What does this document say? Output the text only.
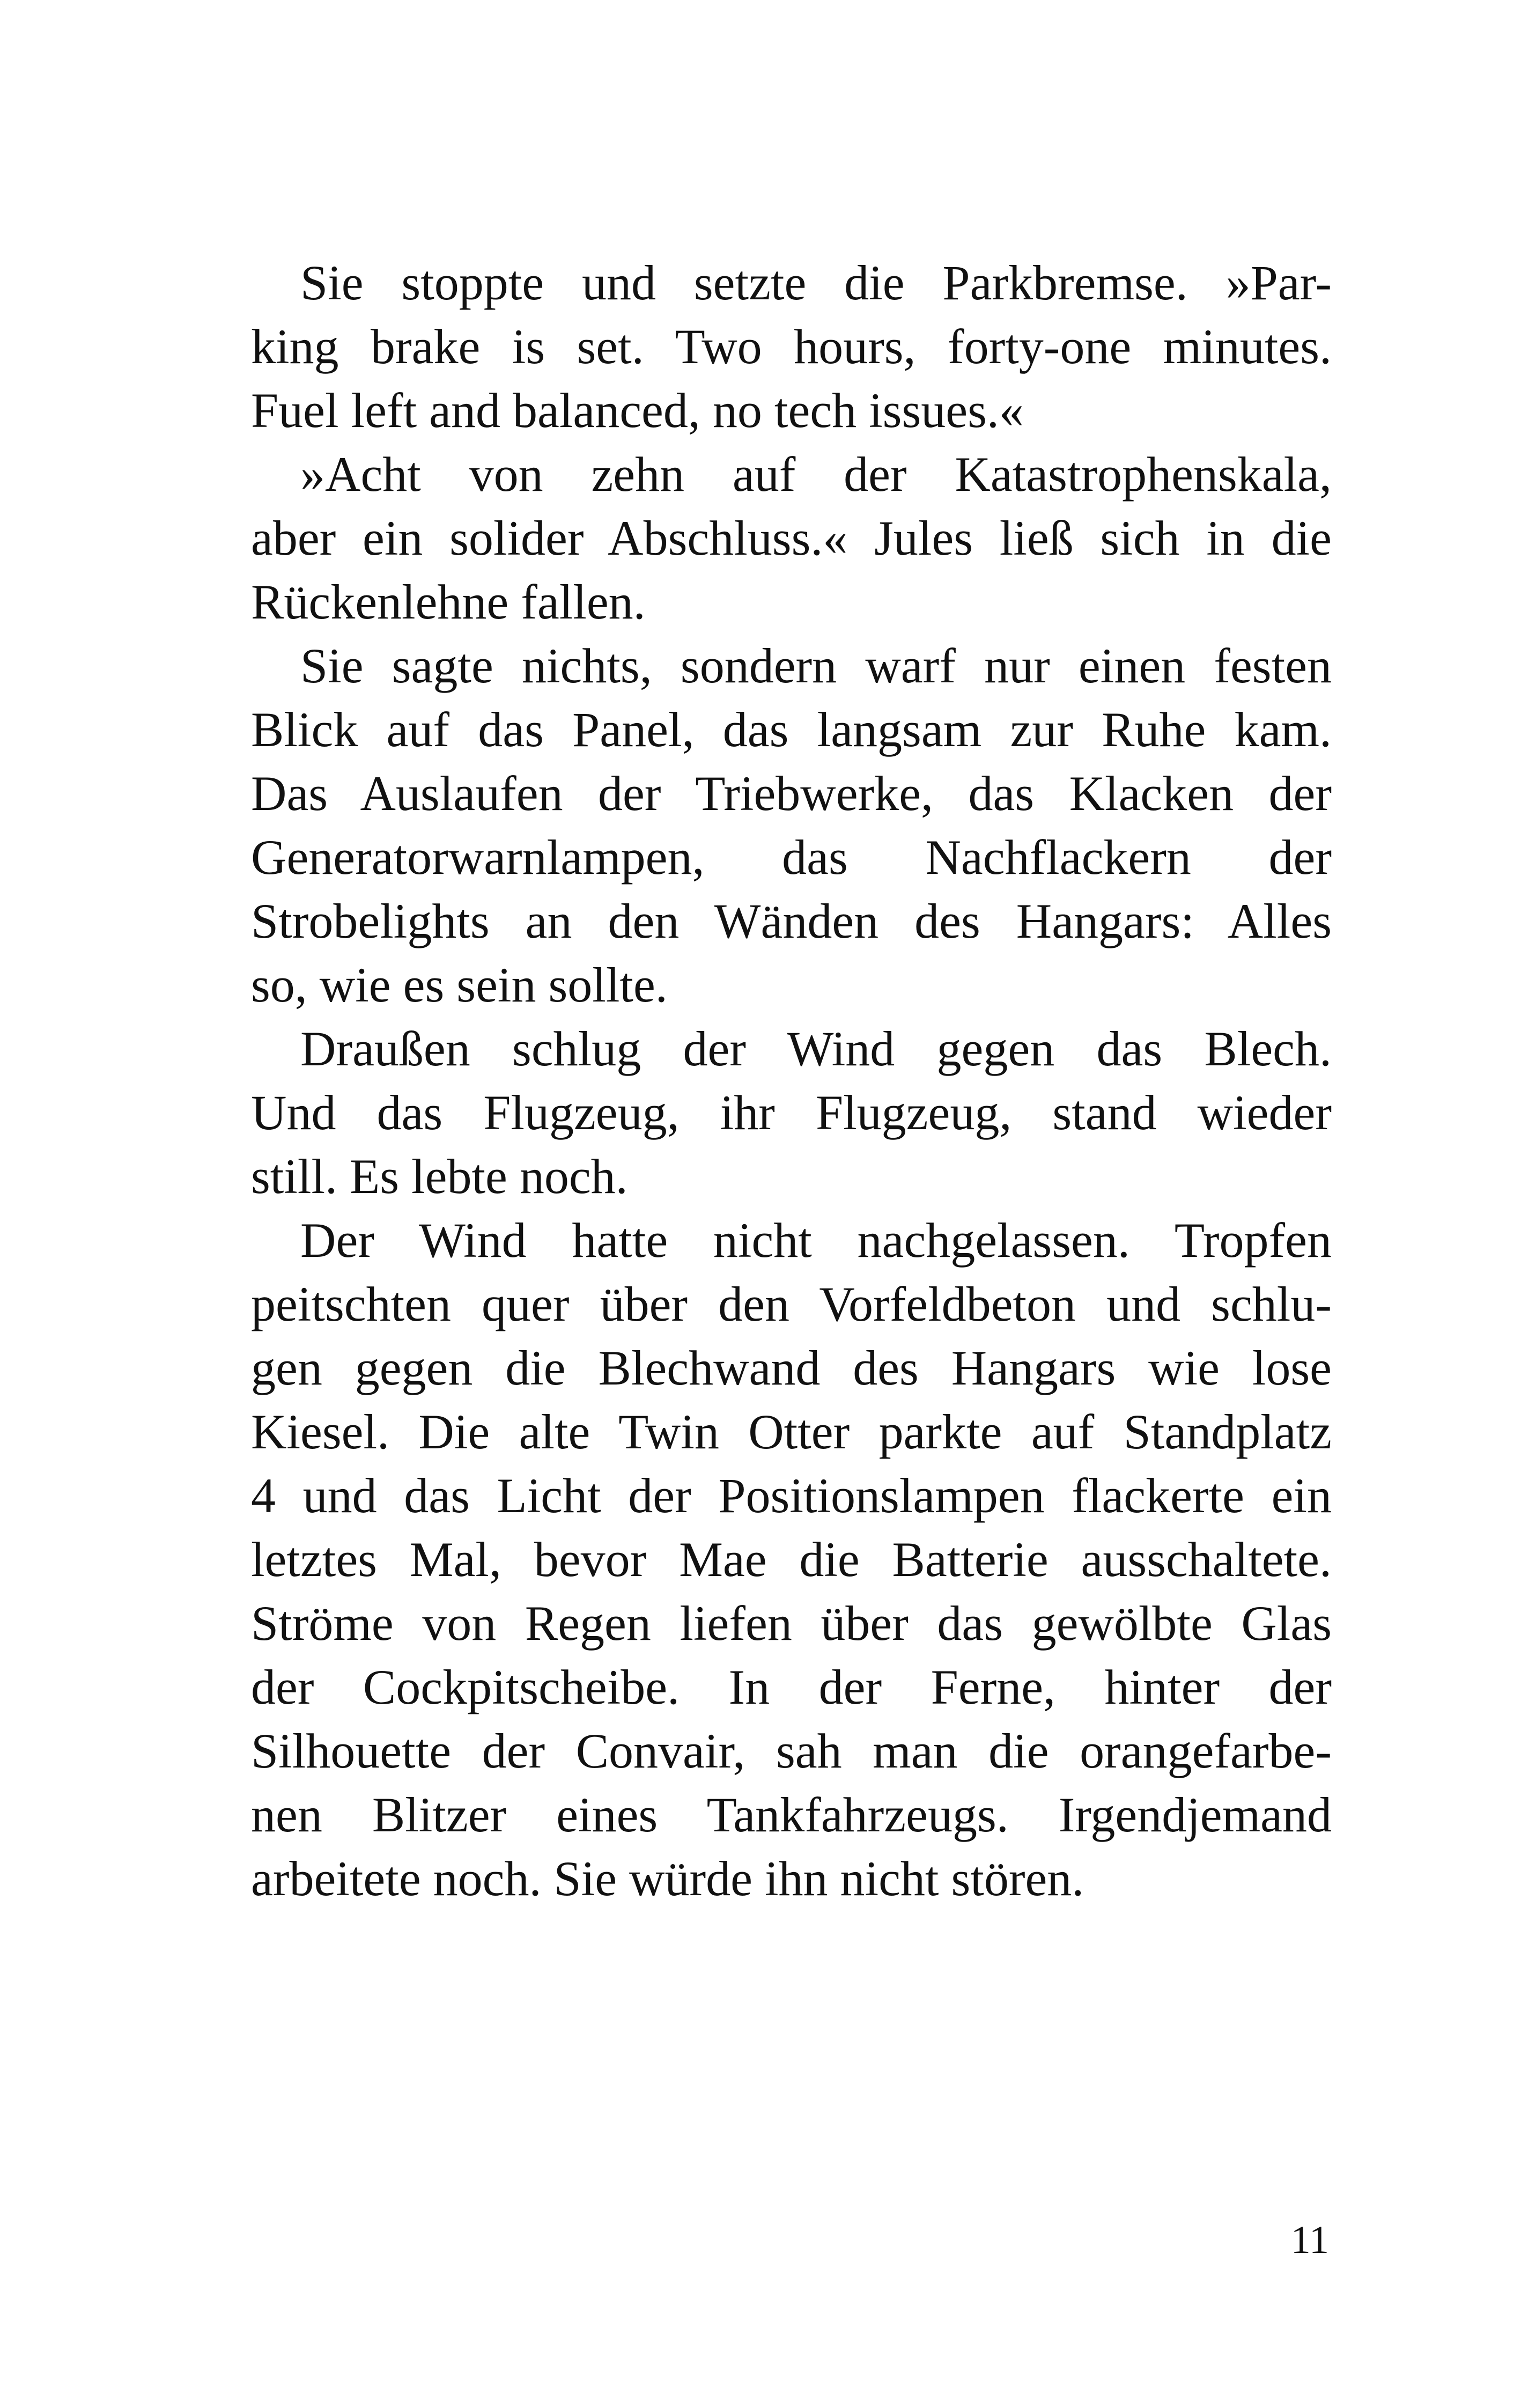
Sie stoppte und setzte die Parkbremse. »Par-
king brake is set. Two hours, forty-one minutes.
Fuel left and balanced, no tech issues.«
»Acht von zehn auf der Katastrophenskala,
aber ein solider Abschluss.« Jules ließ sich in die
Rückenlehne fallen.
Sie sagte nichts, sondern warf nur einen festen
Blick auf das Panel, das langsam zur Ruhe kam.
Das Auslaufen der Triebwerke, das Klacken der
Generatorwarnlampen, das Nachflackern der
Strobelights an den Wänden des Hangars: Alles
so, wie es sein sollte.
Draußen schlug der Wind gegen das Blech.
Und das Flugzeug, ihr Flugzeug, stand wieder
still. Es lebte noch.
Der Wind hatte nicht nachgelassen. Tropfen
peitschten quer über den Vorfeldbeton und schlu-
gen gegen die Blechwand des Hangars wie lose
Kiesel. Die alte Twin Otter parkte auf Standplatz
4 und das Licht der Positionslampen flackerte ein
letztes Mal, bevor Mae die Batterie ausschaltete.
Ströme von Regen liefen über das gewölbte Glas
der Cockpitscheibe. In der Ferne, hinter der
Silhouette der Convair, sah man die orangefarbe-
nen Blitzer eines Tankfahrzeugs. Irgendjemand
arbeitete noch. Sie würde ihn nicht stören.
11
